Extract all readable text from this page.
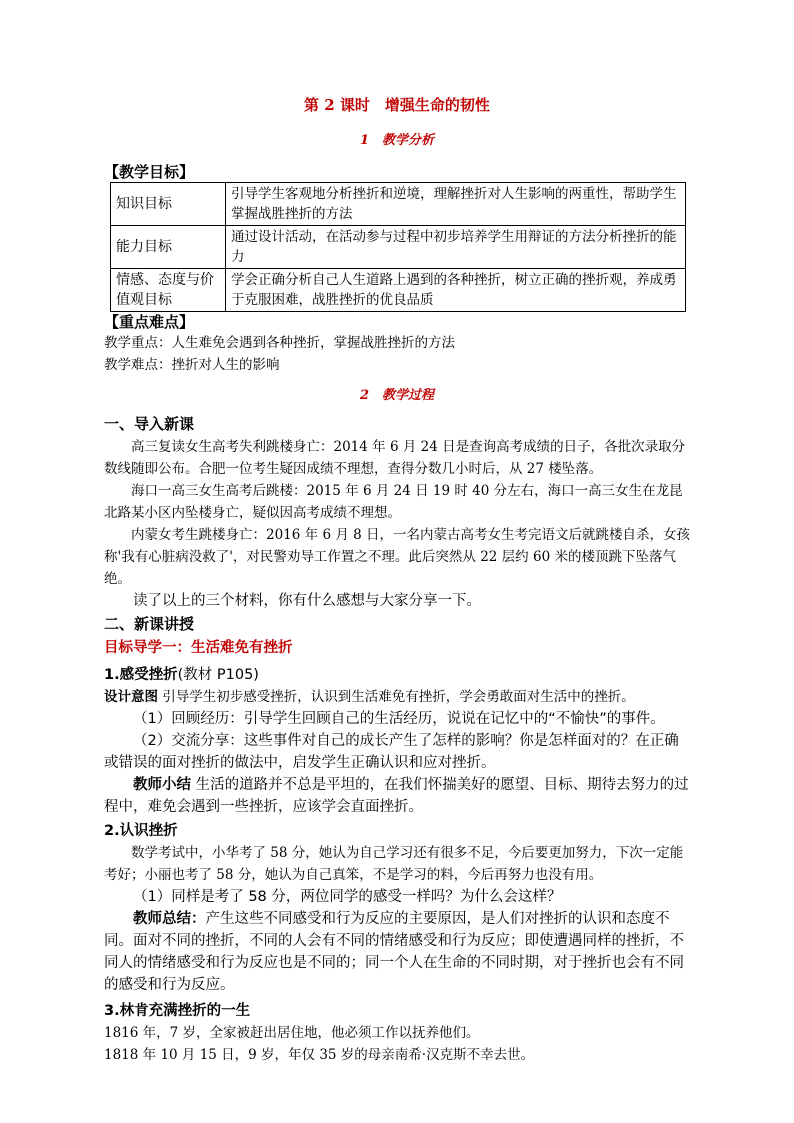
第 2 课时　增强生命的韧性
1　教学分析
【教学目标】
知识目标	引导学生客观地分析挫折和逆境，理解挫折对人生影响的两重性，帮助学生掌握战胜挫折的方法
能力目标	通过设计活动，在活动参与过程中初步培养学生用辩证的方法分析挫折的能力
情感、态度与价值观目标	学会正确分析自己人生道路上遇到的各种挫折，树立正确的挫折观，养成勇于克服困难，战胜挫折的优良品质
【重点难点】

教学重点：人生难免会遇到各种挫折，掌握战胜挫折的方法

教学难点：挫折对人生的影响

2　教学过程

一、导入新课

高三复读女生高考失利跳楼身亡：2014 年 6 月 24 日是查询高考成绩的日子，各批次录取分数线随即公布。合肥一位考生疑因成绩不理想，查得分数几小时后，从 27 楼坠落。

海口一高三女生高考后跳楼：2015 年 6 月 24 日 19 时 40 分左右，海口一高三女生在龙昆北路某小区内坠楼身亡，疑似因高考成绩不理想。

内蒙女考生跳楼身亡：2016 年 6 月 8 日，一名内蒙古高考女生考完语文后就跳楼自杀，女孩称'我有心脏病没救了'，对民警劝导工作置之不理。此后突然从 22 层约 60 米的楼顶跳下坠落气绝。

读了以上的三个材料，你有什么感想与大家分享一下。

二、新课讲授

目标导学一：生活难免有挫折

1.感受挫折(教材 P105)

设计意图 引导学生初步感受挫折，认识到生活难免有挫折，学会勇敢面对生活中的挫折。

（1）回顾经历：引导学生回顾自己的生活经历，说说在记忆中的“不愉快”的事件。

（2）交流分享：这些事件对自己的成长产生了怎样的影响？你是怎样面对的？在正确或错误的面对挫折的做法中，启发学生正确认识和应对挫折。

教师小结 生活的道路并不总是平坦的，在我们怀揣美好的愿望、目标、期待去努力的过程中，难免会遇到一些挫折，应该学会直面挫折。

2.认识挫折

数学考试中，小华考了 58 分，她认为自己学习还有很多不足，今后要更加努力，下次一定能考好；小丽也考了 58 分，她认为自己真笨，不是学习的料，今后再努力也没有用。

（1）同样是考了 58 分，两位同学的感受一样吗？为什么会这样？

教师总结：产生这些不同感受和行为反应的主要原因，是人们对挫折的认识和态度不同。面对不同的挫折，不同的人会有不同的情绪感受和行为反应；即使遭遇同样的挫折，不同人的情绪感受和行为反应也是不同的；同一个人在生命的不同时期，对于挫折也会有不同的感受和行为反应。

3.林肯充满挫折的一生

1816 年，7 岁，全家被赶出居住地，他必须工作以抚养他们。

1818 年 10 月 15 日，9 岁，年仅 35 岁的母亲南希·汉克斯不幸去世。
